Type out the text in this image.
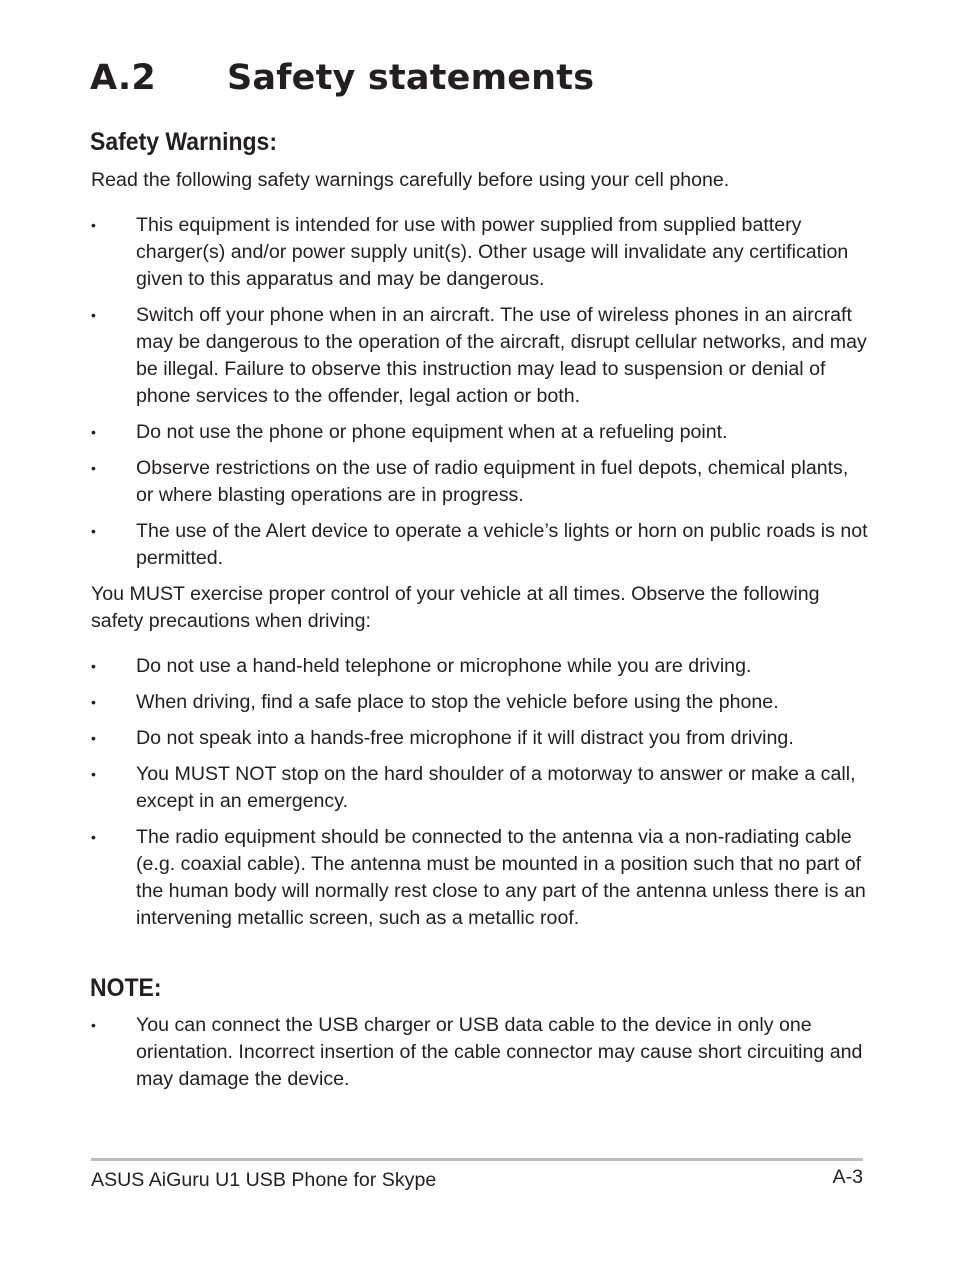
A.2 Safety statements
Safety Warnings:

Read the following safety warnings carefully before using your cell phone.

• This equipment is intended for use with power supplied from supplied battery charger(s) and/or power supply unit(s). Other usage will invalidate any certification given to this apparatus and may be dangerous.
• Switch off your phone when in an aircraft. The use of wireless phones in an aircraft may be dangerous to the operation of the aircraft, disrupt cellular networks, and may be illegal. Failure to observe this instruction may lead to suspension or denial of phone services to the offender, legal action or both.
• Do not use the phone or phone equipment when at a refueling point.
• Observe restrictions on the use of radio equipment in fuel depots, chemical plants, or where blasting operations are in progress.
• The use of the Alert device to operate a vehicle’s lights or horn on public roads is not permitted.

You MUST exercise proper control of your vehicle at all times. Observe the following safety precautions when driving:

• Do not use a hand-held telephone or microphone while you are driving.
• When driving, find a safe place to stop the vehicle before using the phone.
• Do not speak into a hands-free microphone if it will distract you from driving.
• You MUST NOT stop on the hard shoulder of a motorway to answer or make a call, except in an emergency.
• The radio equipment should be connected to the antenna via a non-radiating cable (e.g. coaxial cable). The antenna must be mounted in a position such that no part of the human body will normally rest close to any part of the antenna unless there is an intervening metallic screen, such as a metallic roof.
NOTE:
• You can connect the USB charger or USB data cable to the device in only one orientation. Incorrect insertion of the cable connector may cause short circuiting and may damage the device.
ASUS AiGuru U1 USB Phone for Skype	A-3
